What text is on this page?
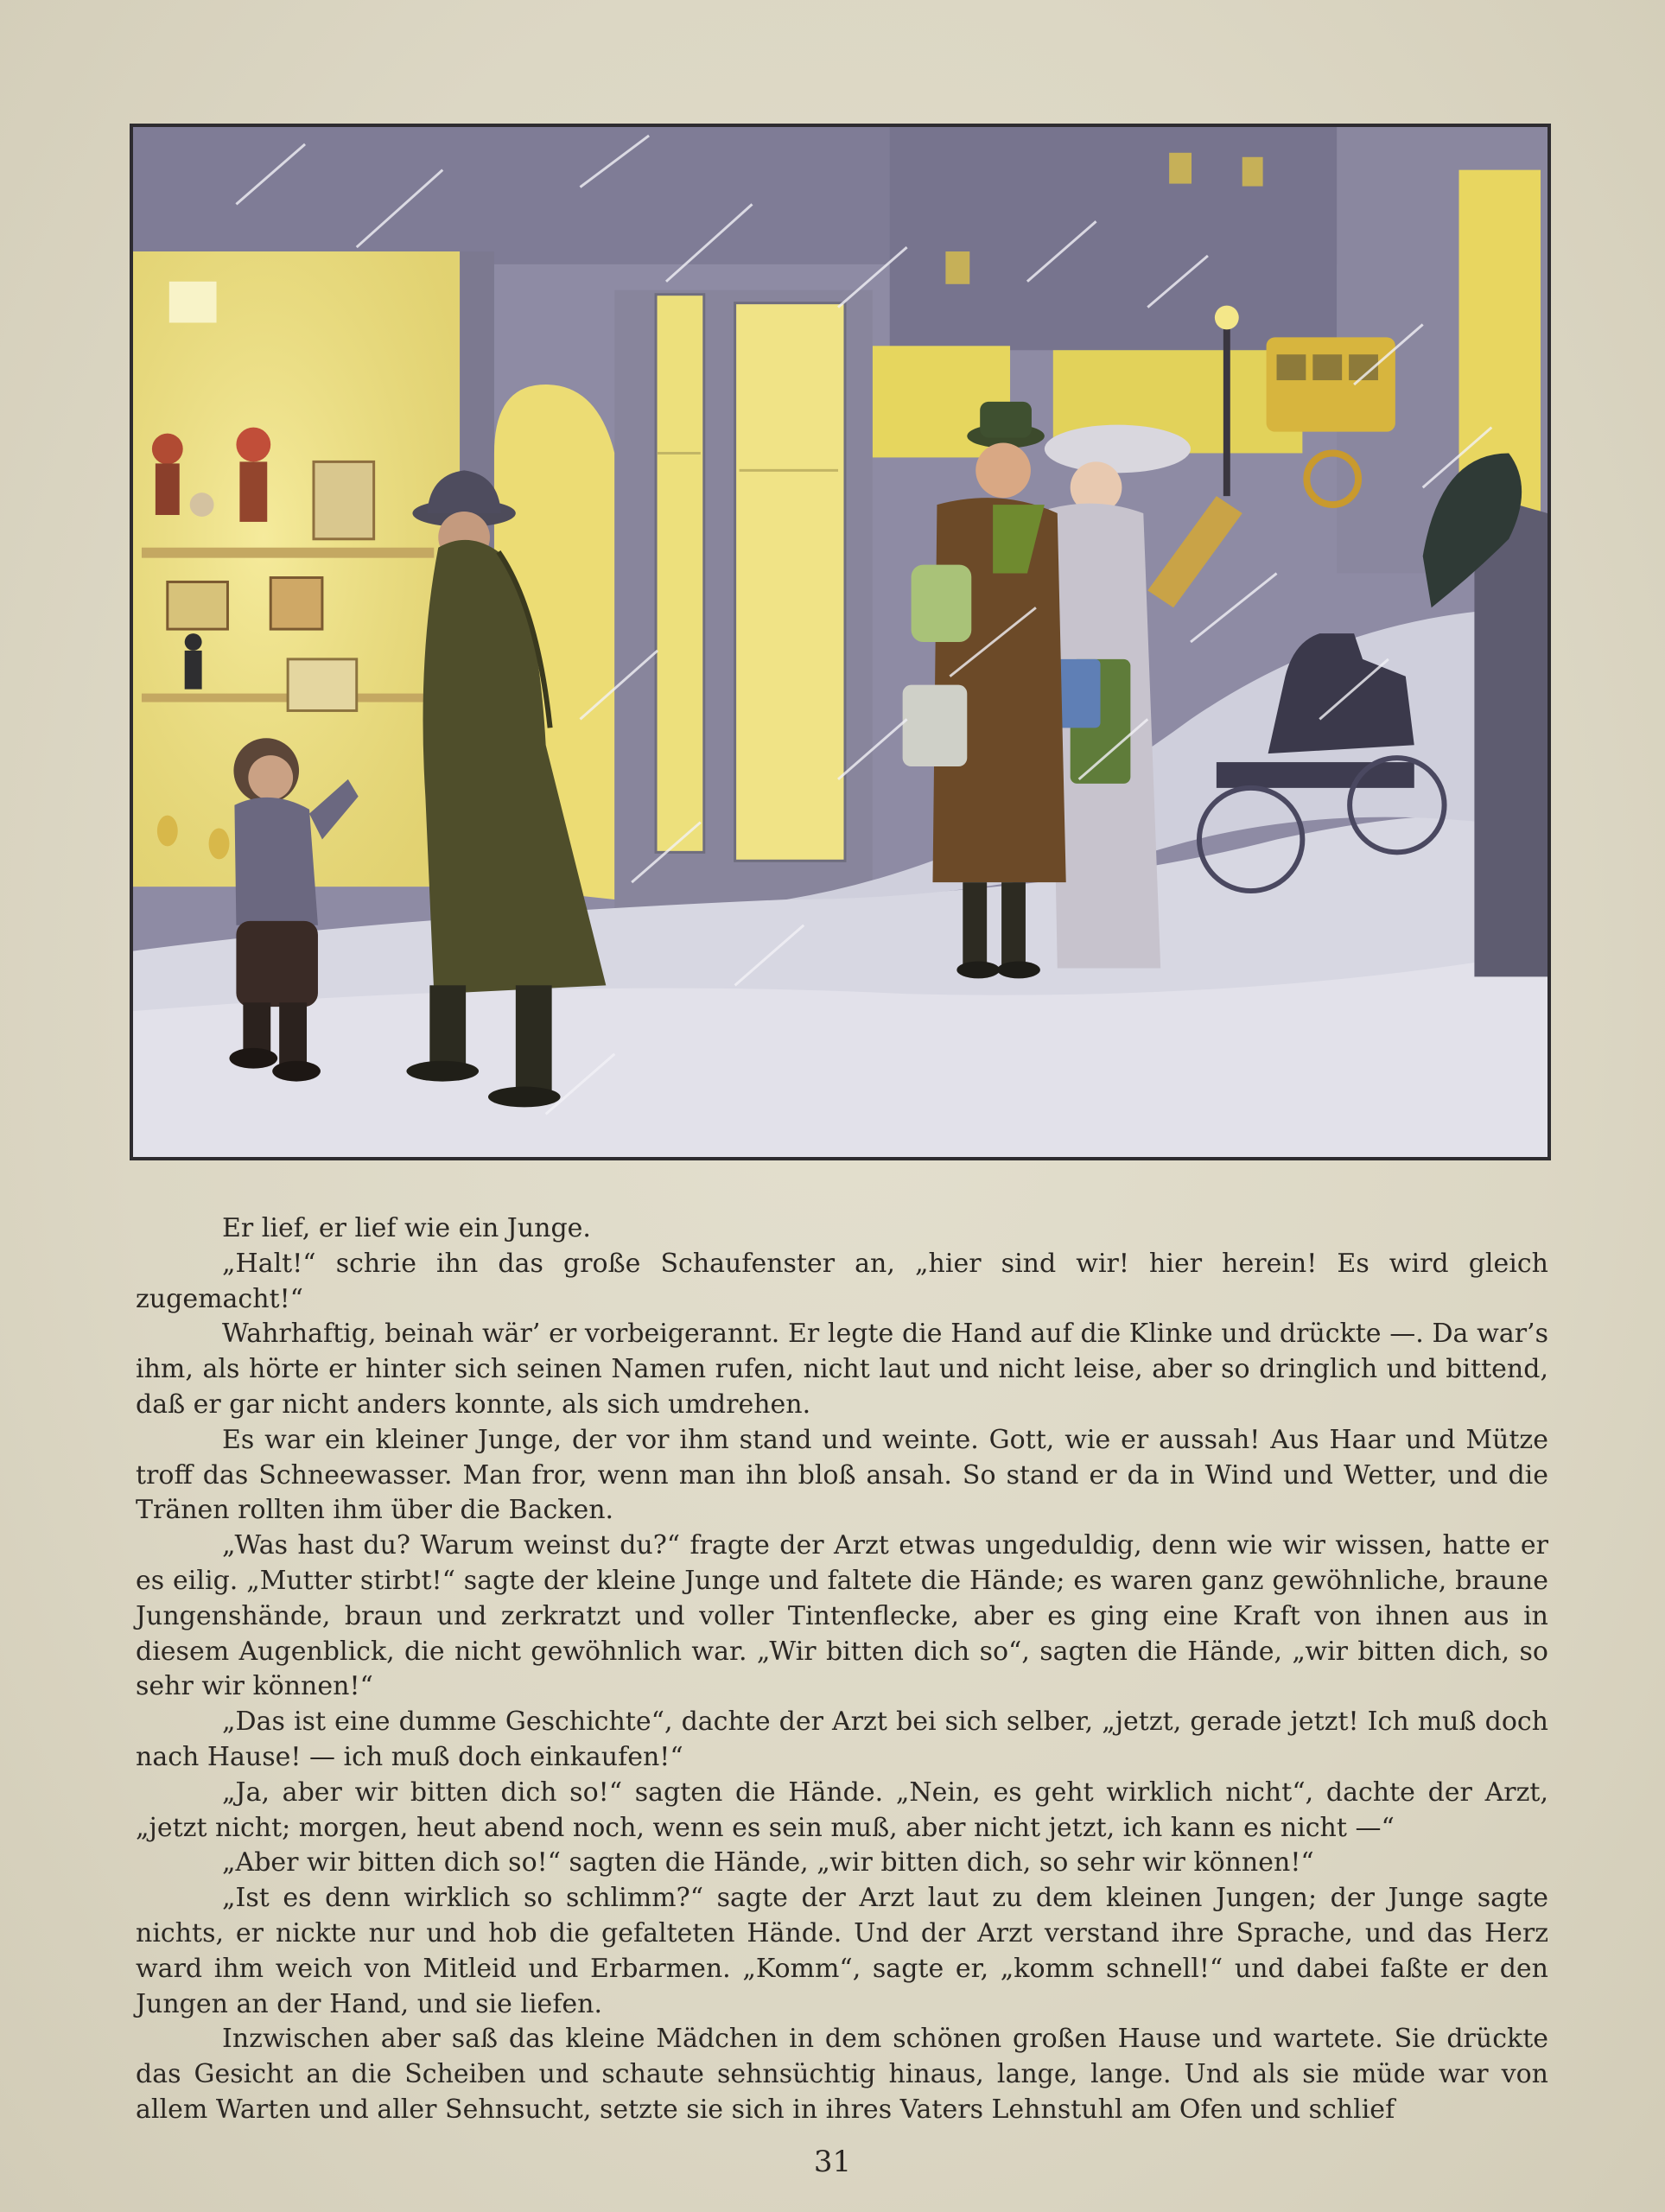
Er lief, er lief wie ein Junge.

„Halt!“ schrie ihn das große Schaufenster an, „hier sind wir! hier herein! Es wird gleich zugemacht!“

Wahrhaftig, beinah wär’ er vorbeigerannt. Er legte die Hand auf die Klinke und drückte —. Da war’s ihm, als hörte er hinter sich seinen Namen rufen, nicht laut und nicht leise, aber so dringlich und bittend, daß er gar nicht anders konnte, als sich umdrehen.

Es war ein kleiner Junge, der vor ihm stand und weinte. Gott, wie er aussah! Aus Haar und Mütze troff das Schneewasser. Man fror, wenn man ihn bloß ansah. So stand er da in Wind und Wetter, und die Tränen rollten ihm über die Backen.

„Was hast du? Warum weinst du?“ fragte der Arzt etwas ungeduldig, denn wie wir wissen, hatte er es eilig. „Mutter stirbt!“ sagte der kleine Junge und faltete die Hände; es waren ganz gewöhnliche, braune Jungenshände, braun und zerkratzt und voller Tintenflecke, aber es ging eine Kraft von ihnen aus in diesem Augenblick, die nicht gewöhnlich war. „Wir bitten dich so“, sagten die Hände, „wir bitten dich, so sehr wir können!“

„Das ist eine dumme Geschichte“, dachte der Arzt bei sich selber, „jetzt, gerade jetzt! Ich muß doch nach Hause! — ich muß doch einkaufen!“

„Ja, aber wir bitten dich so!“ sagten die Hände. „Nein, es geht wirklich nicht“, dachte der Arzt, „jetzt nicht; morgen, heut abend noch, wenn es sein muß, aber nicht jetzt, ich kann es nicht —“

„Aber wir bitten dich so!“ sagten die Hände, „wir bitten dich, so sehr wir können!“

„Ist es denn wirklich so schlimm?“ sagte der Arzt laut zu dem kleinen Jungen; der Junge sagte nichts, er nickte nur und hob die gefalteten Hände. Und der Arzt verstand ihre Sprache, und das Herz ward ihm weich von Mitleid und Erbarmen. „Komm“, sagte er, „komm schnell!“ und dabei faßte er den Jungen an der Hand, und sie liefen.

Inzwischen aber saß das kleine Mädchen in dem schönen großen Hause und wartete. Sie drückte das Gesicht an die Scheiben und schaute sehnsüchtig hinaus, lange, lange. Und als sie müde war von allem Warten und aller Sehnsucht, setzte sie sich in ihres Vaters Lehnstuhl am Ofen und schlief

31
